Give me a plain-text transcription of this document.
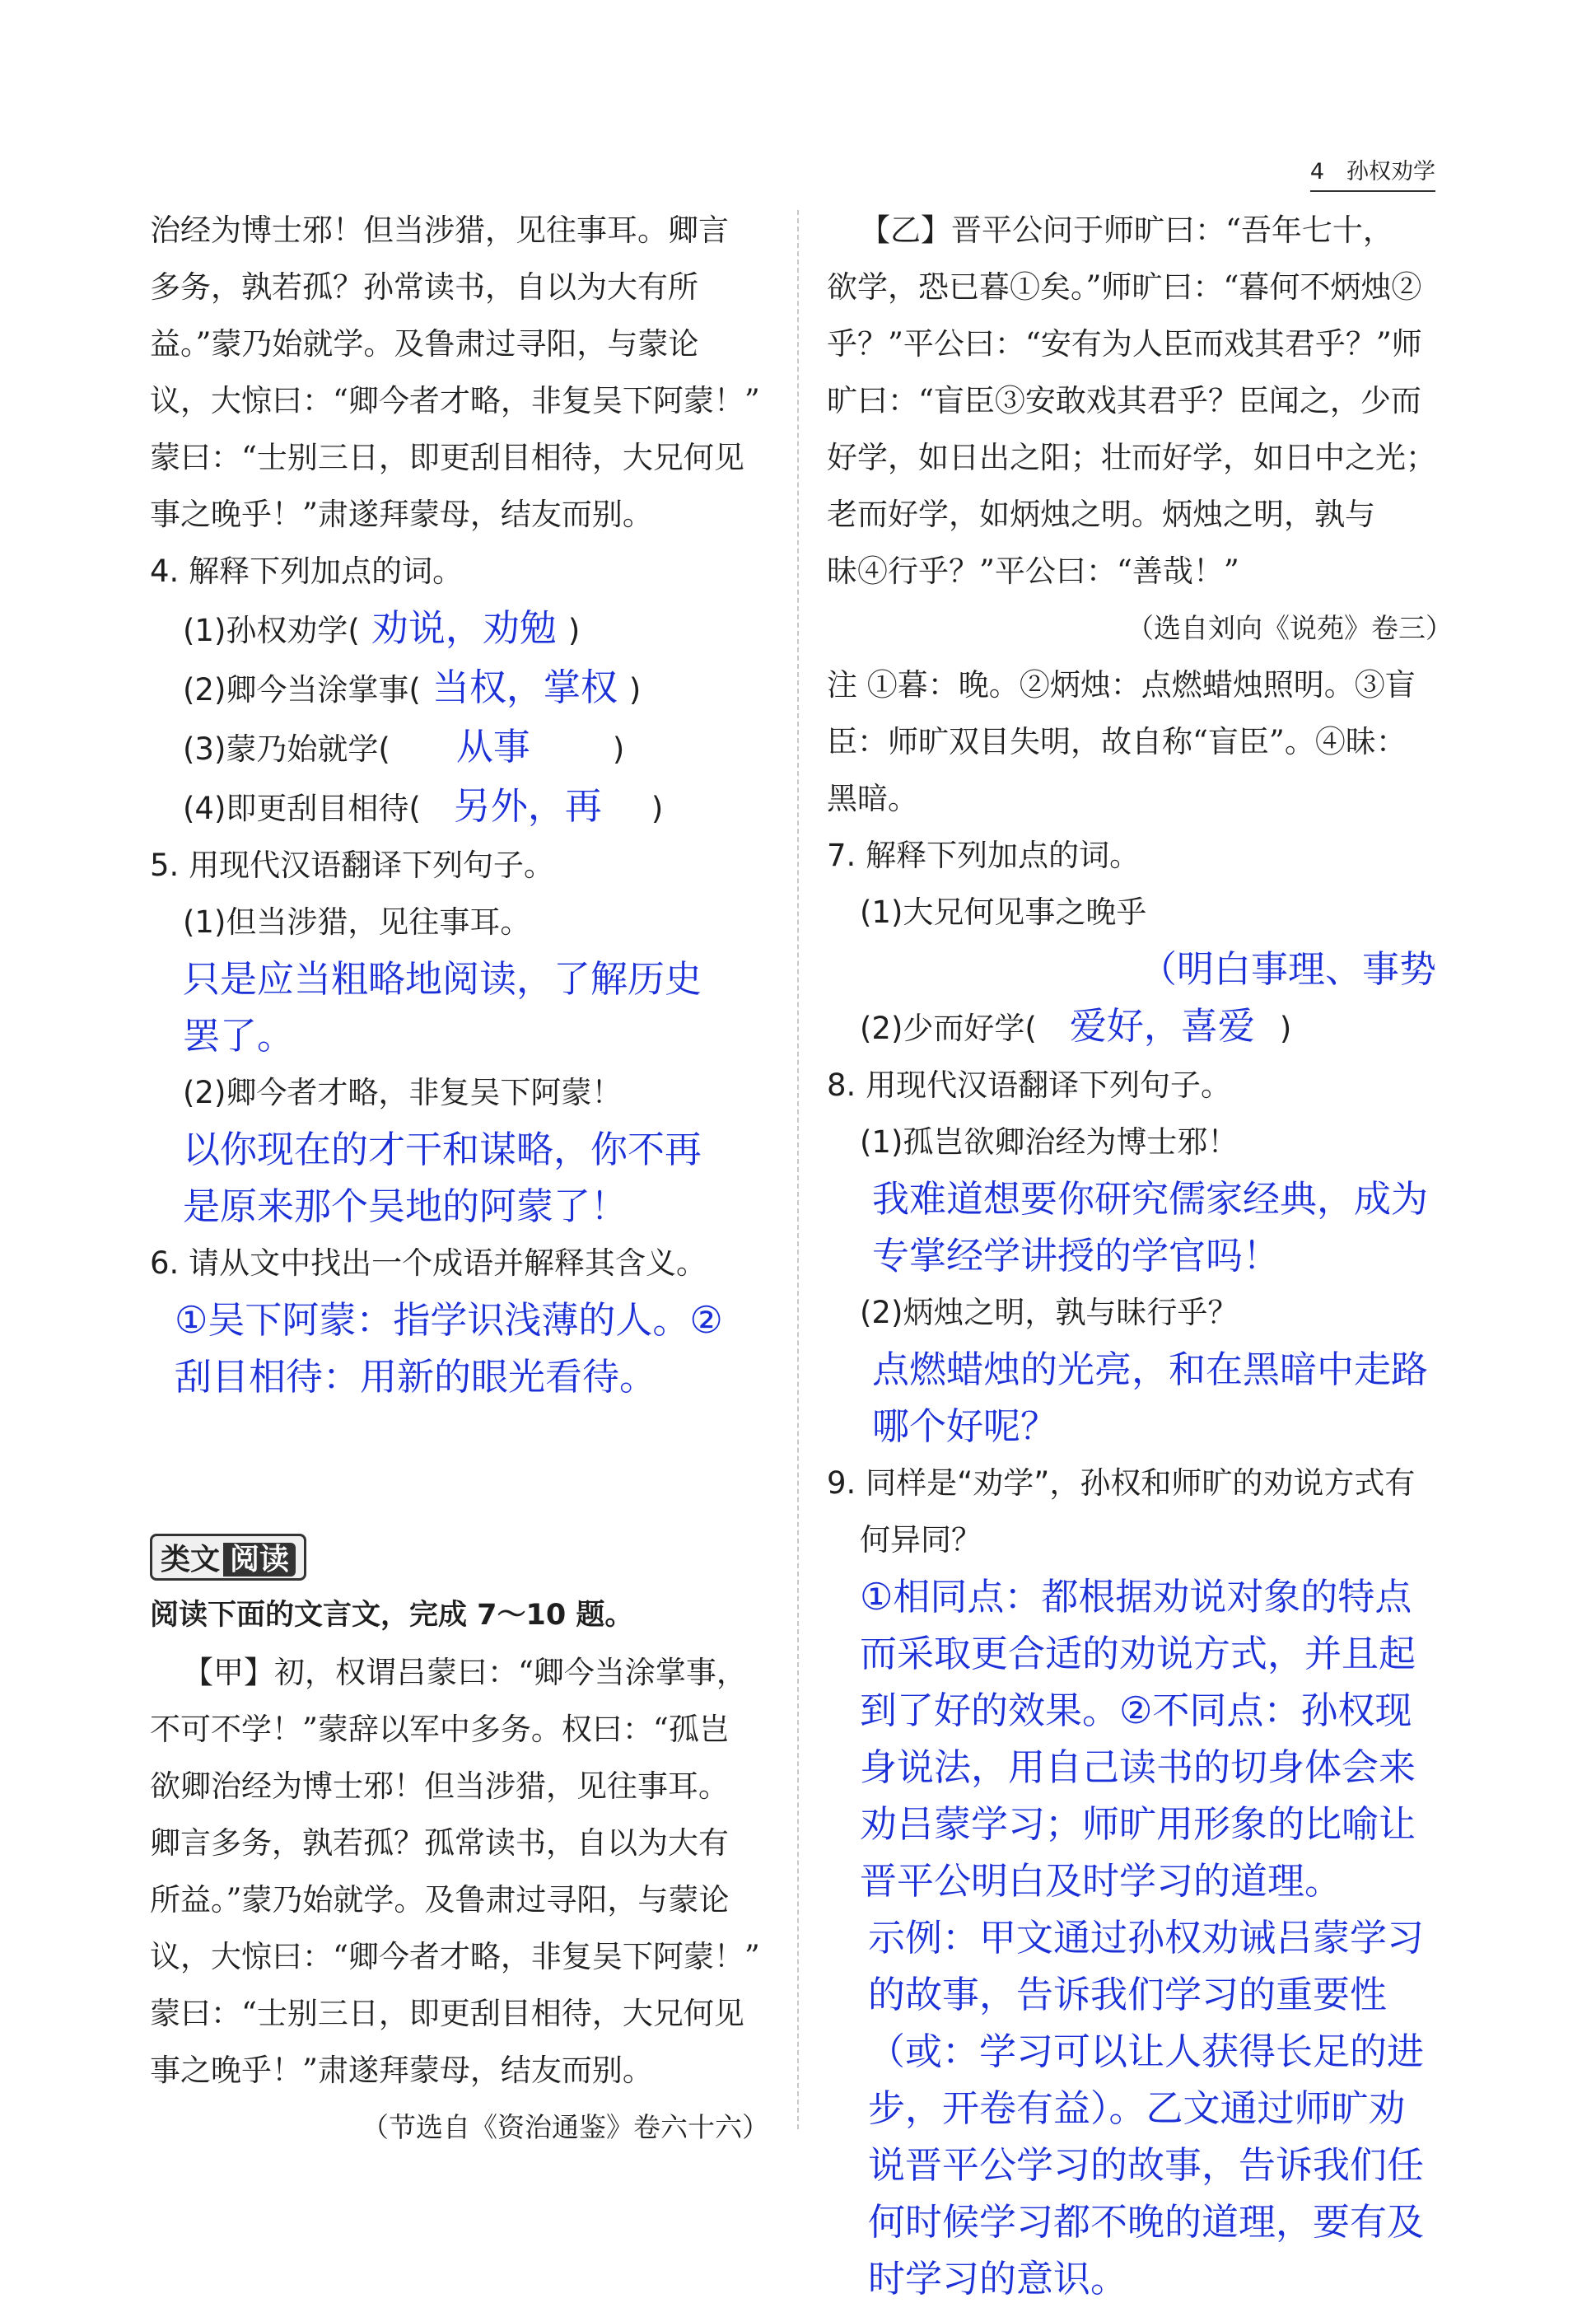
4　孙权劝学
治经为博士邪！但当涉猎，见往事耳。卿言
多务，孰若孤？孙常读书，自以为大有所
益。”蒙乃始就学。及鲁肃过寻阳，与蒙论
议，大惊曰：“卿今者才略，非复吴下阿蒙！”
蒙曰：“士别三日，即更刮目相待，大兄何见
事之晚乎！”肃遂拜蒙母，结友而别。
4. 解释下列加点的词。
(1)孙权劝学( 劝说，劝勉 )
(2)卿今当涂掌事( 当权，掌权 )
(3)蒙乃始就学( 从事	)
(4)即更刮目相待( 另外，再 )
5. 用现代汉语翻译下列句子。
(1)但当涉猎，见往事耳。
只是应当粗略地阅读，了解历史
罢了。
(2)卿今者才略，非复吴下阿蒙！
以你现在的才干和谋略，你不再
是原来那个吴地的阿蒙了！
6. 请从文中找出一个成语并解释其含义。
①吴下阿蒙：指学识浅薄的人。②
刮目相待：用新的眼光看待。
类文 阅读
阅读下面的文言文，完成 7～10 题。
【甲】初，权谓吕蒙曰：“卿今当涂掌事，
不可不学！”蒙辞以军中多务。权曰：“孤岂
欲卿治经为博士邪！但当涉猎，见往事耳。
卿言多务，孰若孤？孤常读书，自以为大有
所益。”蒙乃始就学。及鲁肃过寻阳，与蒙论
议，大惊曰：“卿今者才略，非复吴下阿蒙！”
蒙曰：“士别三日，即更刮目相待，大兄何见
事之晚乎！”肃遂拜蒙母，结友而别。
（节选自《资治通鉴》卷六十六）
【乙】晋平公问于师旷曰：“吾年七十，
欲学，恐已暮①矣。”师旷曰：“暮何不炳烛②
乎？”平公曰：“安有为人臣而戏其君乎？”师
旷曰：“盲臣③安敢戏其君乎？臣闻之，少而
好学，如日出之阳；壮而好学，如日中之光；
老而好学，如炳烛之明。炳烛之明，孰与
昧④行乎？”平公曰：“善哉！”
（选自刘向《说苑》卷三）
注 ①暮：晚。②炳烛：点燃蜡烛照明。③盲
臣：师旷双目失明，故自称“盲臣”。④昧：
黑暗。
7. 解释下列加点的词。
(1)大兄何见事之晚乎
（明白事理、事势
(2)少而好学( 爱好，喜爱 )
8. 用现代汉语翻译下列句子。
(1)孤岂欲卿治经为博士邪！
我难道想要你研究儒家经典，成为
专掌经学讲授的学官吗！
(2)炳烛之明，孰与昧行乎？
点燃蜡烛的光亮，和在黑暗中走路
哪个好呢？
9. 同样是“劝学”，孙权和师旷的劝说方式有
何异同？
①相同点：都根据劝说对象的特点
而采取更合适的劝说方式，并且起
到了好的效果。②不同点：孙权现
身说法，用自己读书的切身体会来
劝吕蒙学习；师旷用形象的比喻让
晋平公明白及时学习的道理。
示例：甲文通过孙权劝诫吕蒙学习
的故事，告诉我们学习的重要性
（或：学习可以让人获得长足的进
步，开卷有益）。乙文通过师旷劝
说晋平公学习的故事，告诉我们任
何时候学习都不晚的道理，要有及
时学习的意识。
